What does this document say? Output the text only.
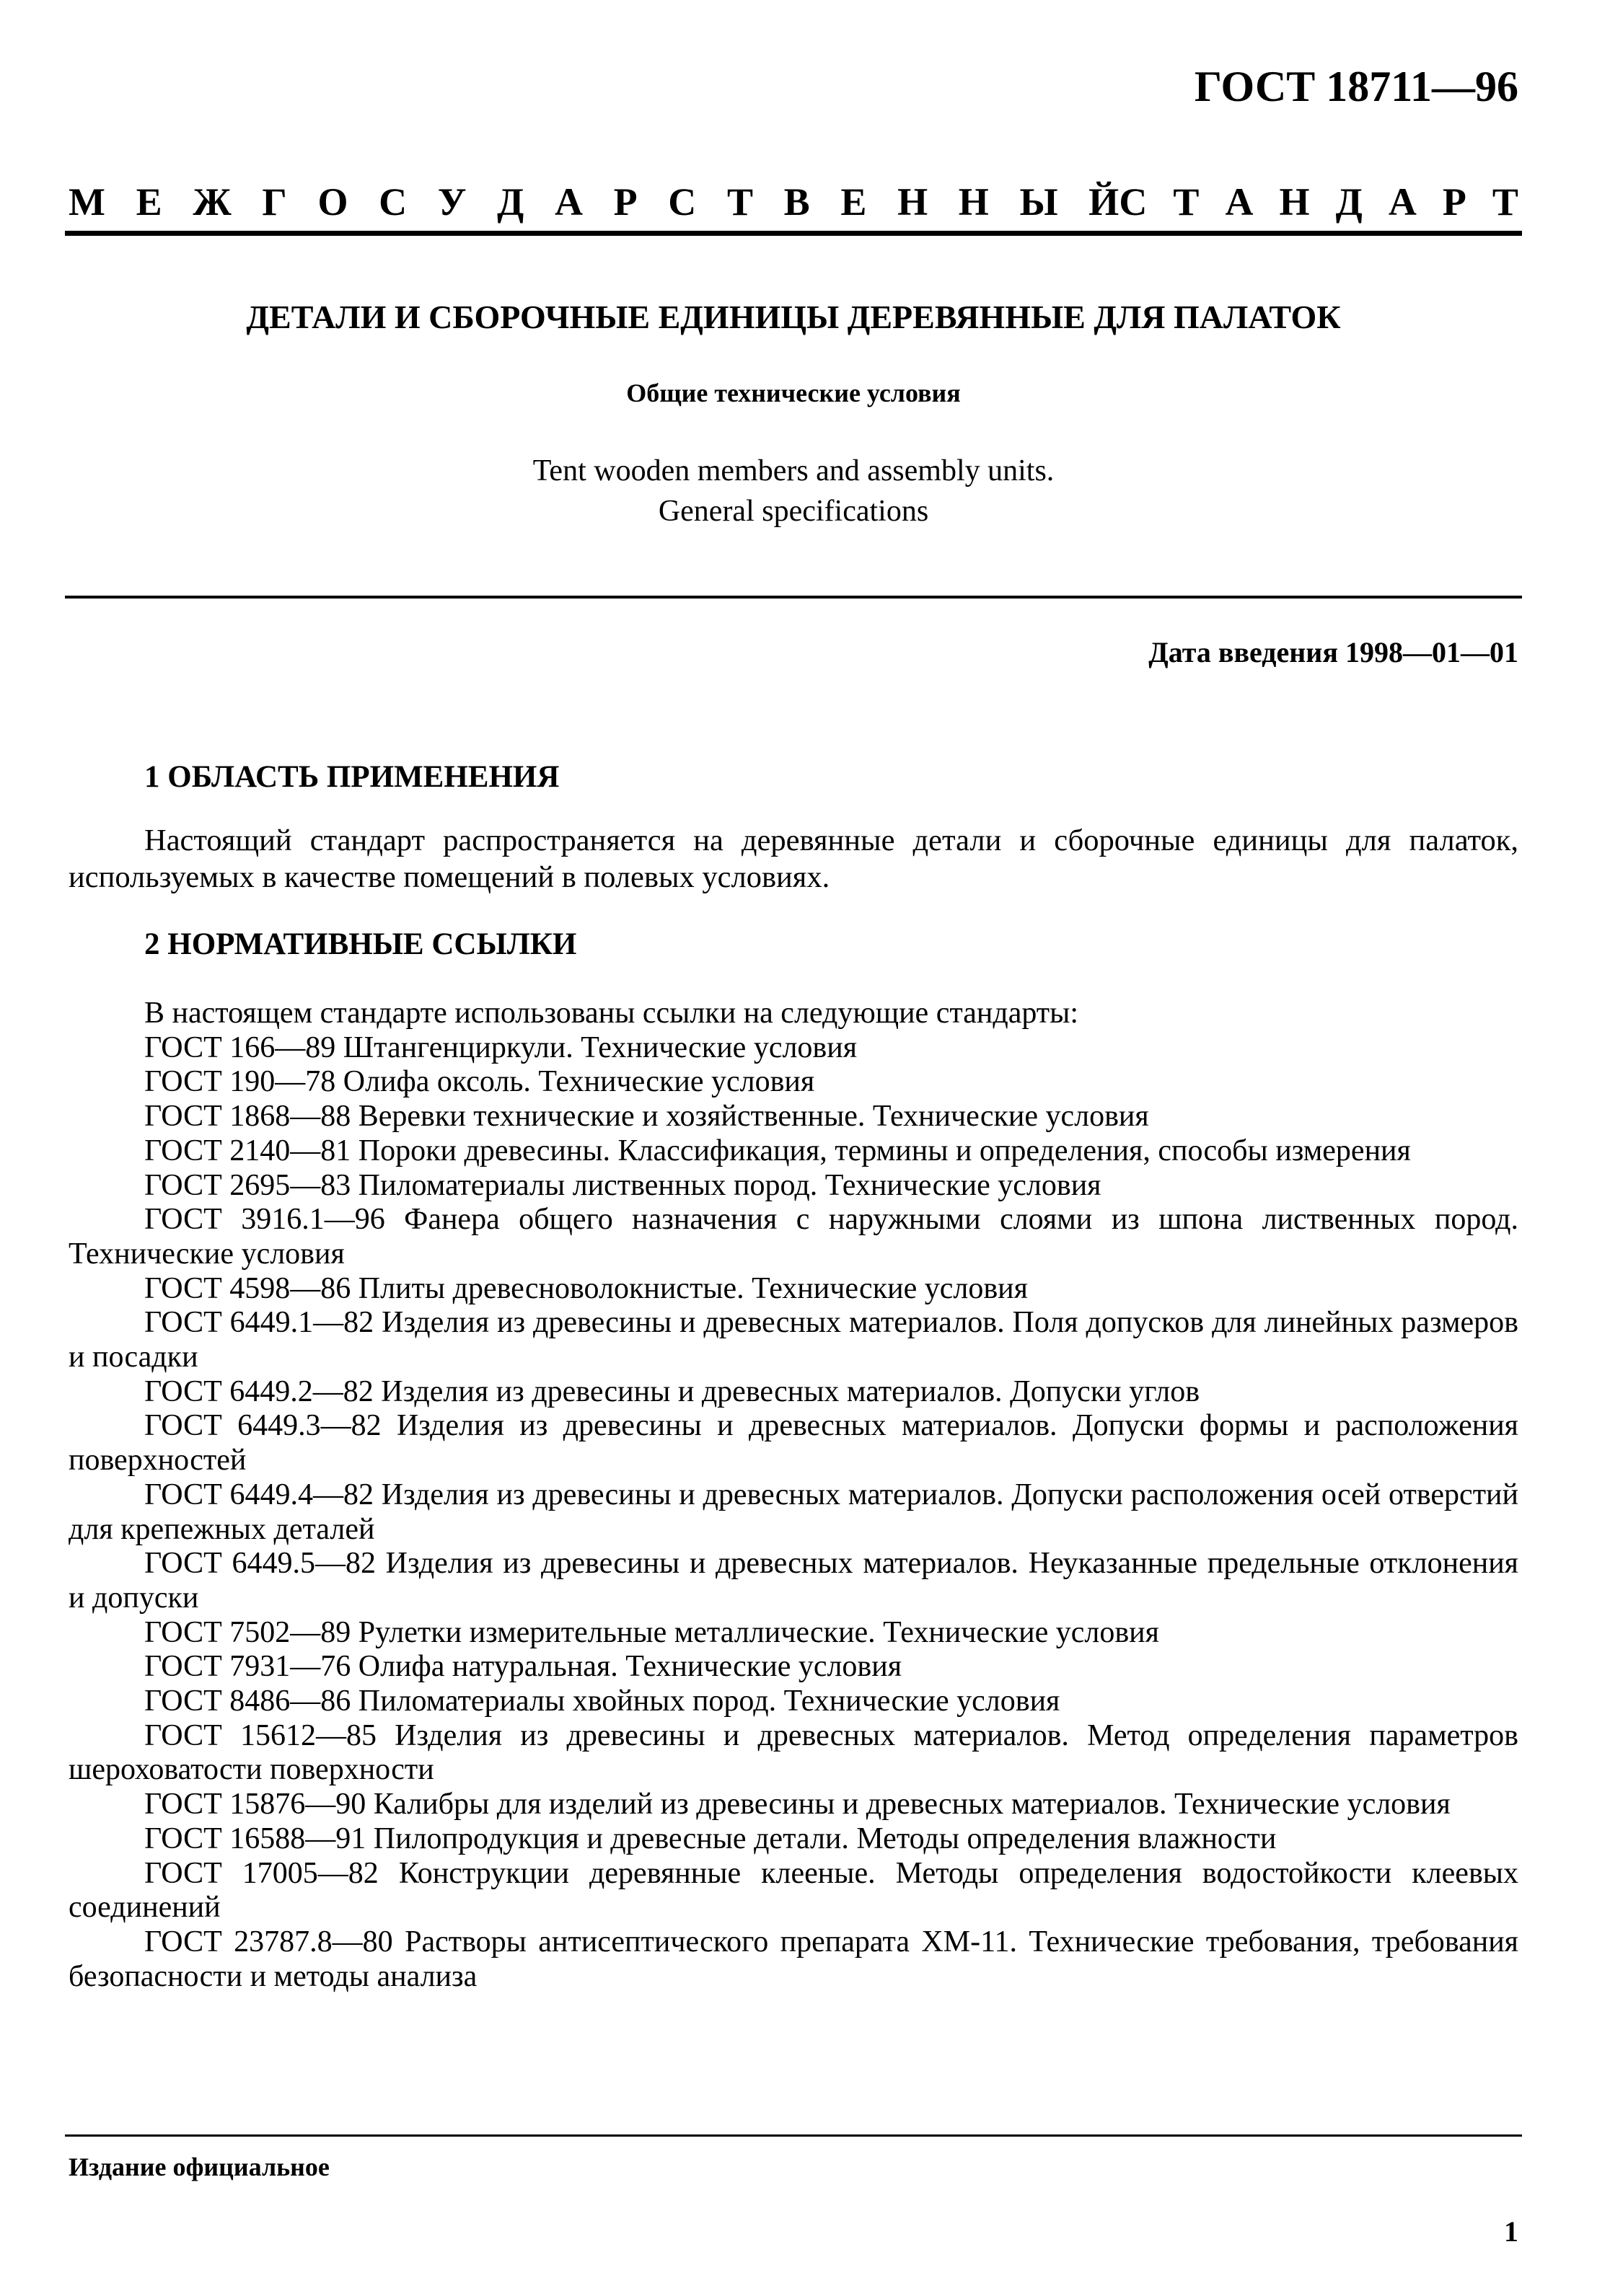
ГОСТ 18711—96
М Е Ж Г О С У Д А Р С Т В Е Н Н Ы Й С Т А Н Д А Р Т
ДЕТАЛИ И СБОРОЧНЫЕ ЕДИНИЦЫ ДЕРЕВЯННЫЕ ДЛЯ ПАЛАТОК
Общие технические условия
Tent wooden members and assembly units.
General specifications
Дата введения 1998—01—01
1 ОБЛАСТЬ ПРИМЕНЕНИЯ

Настоящий стандарт распространяется на деревянные детали и сборочные единицы для палаток, используемых в качестве помещений в полевых условиях.

2 НОРМАТИВНЫЕ ССЫЛКИ
В настоящем стандарте использованы ссылки на следующие стандарты:
ГОСТ 166—89 Штангенциркули. Технические условия
ГОСТ 190—78 Олифа оксоль. Технические условия
ГОСТ 1868—88 Веревки технические и хозяйственные. Технические условия
ГОСТ 2140—81 Пороки древесины. Классификация, термины и определения, способы измерения
ГОСТ 2695—83 Пиломатериалы лиственных пород. Технические условия
ГОСТ 3916.1—96 Фанера общего назначения с наружными слоями из шпона лиственных пород. Технические условия
ГОСТ 4598—86 Плиты древесноволокнистые. Технические условия
ГОСТ 6449.1—82 Изделия из древесины и древесных материалов. Поля допусков для линейных размеров и посадки
ГОСТ 6449.2—82 Изделия из древесины и древесных материалов. Допуски углов
ГОСТ 6449.3—82 Изделия из древесины и древесных материалов. Допуски формы и расположения поверхностей
ГОСТ 6449.4—82 Изделия из древесины и древесных материалов. Допуски расположения осей отверстий для крепежных деталей
ГОСТ 6449.5—82 Изделия из древесины и древесных материалов. Неуказанные предельные отклонения и допуски
ГОСТ 7502—89 Рулетки измерительные металлические. Технические условия
ГОСТ 7931—76 Олифа натуральная. Технические условия
ГОСТ 8486—86 Пиломатериалы хвойных пород. Технические условия
ГОСТ 15612—85 Изделия из древесины и древесных материалов. Метод определения параметров шероховатости поверхности
ГОСТ 15876—90 Калибры для изделий из древесины и древесных материалов. Технические условия
ГОСТ 16588—91 Пилопродукция и древесные детали. Методы определения влажности
ГОСТ 17005—82 Конструкции деревянные клееные. Методы определения водостойкости клеевых соединений
ГОСТ 23787.8—80 Растворы антисептического препарата ХМ-11. Технические требования, требования безопасности и методы анализа
Издание официальное
1
